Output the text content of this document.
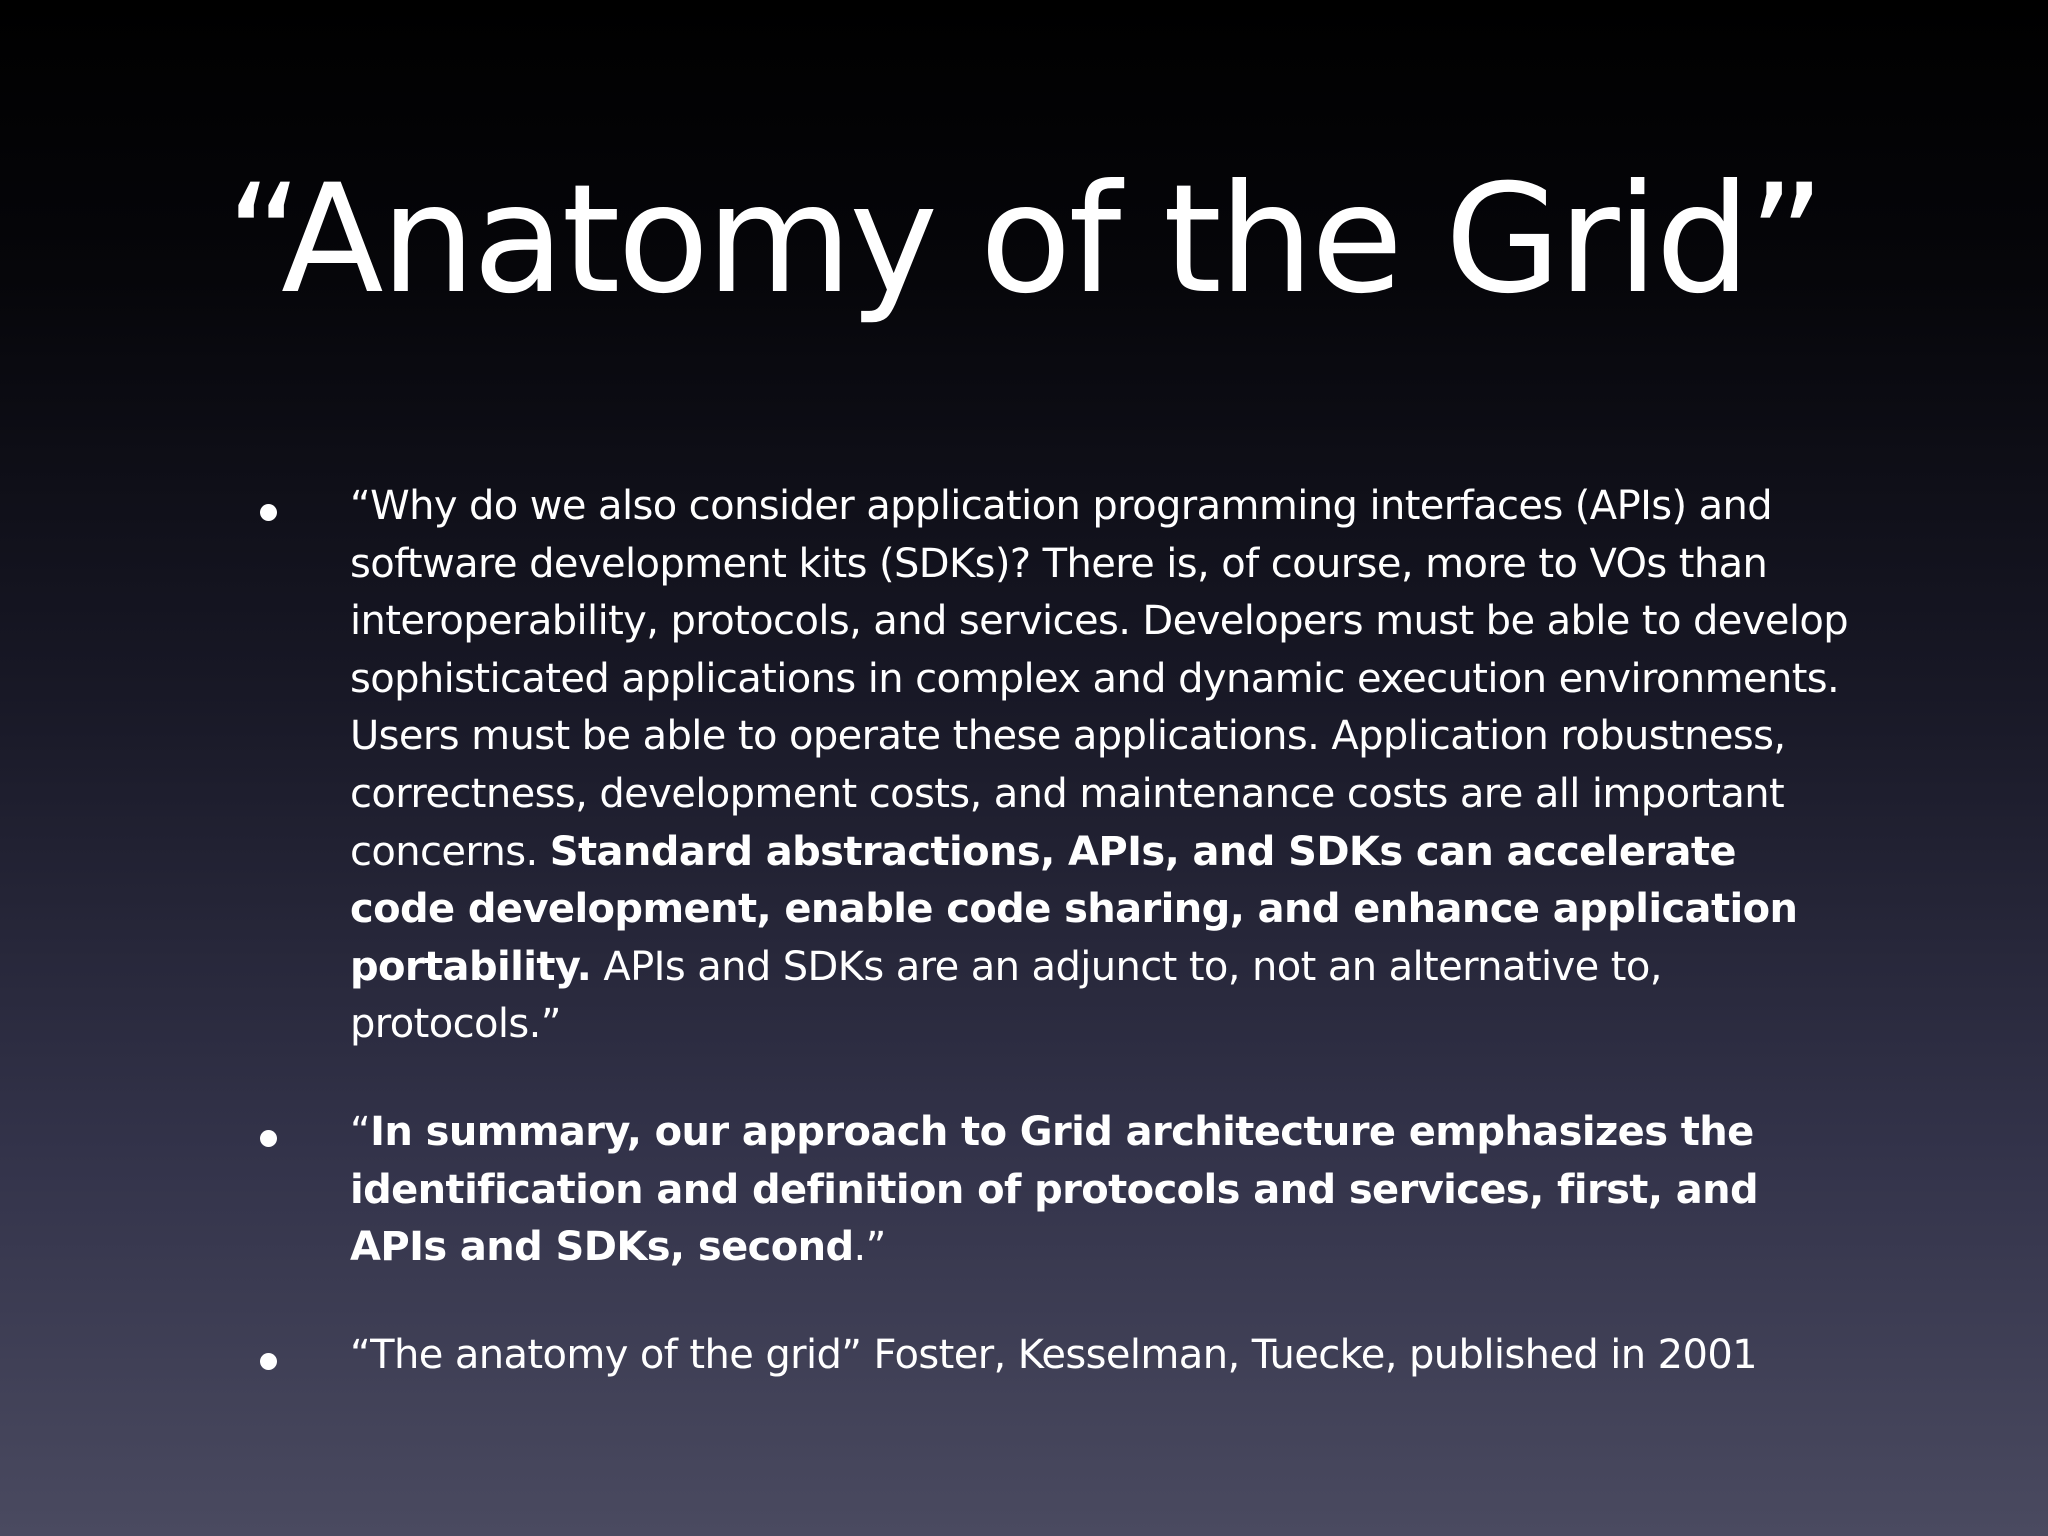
“Anatomy of the Grid”
“Why do we also consider application programming interfaces (APIs) and software development kits (SDKs)? There is, of course, more to VOs than interoperability, protocols, and services. Developers must be able to develop sophisticated applications in complex and dynamic execution environments. Users must be able to operate these applications. Application robustness, correctness, development costs, and maintenance costs are all important concerns. Standard abstractions, APIs, and SDKs can accelerate code development, enable code sharing, and enhance application portability. APIs and SDKs are an adjunct to, not an alternative to, protocols.”
“In summary, our approach to Grid architecture emphasizes the identification and definition of protocols and services, first, and APIs and SDKs, second.”
“The anatomy of the grid” Foster, Kesselman, Tuecke, published in 2001
